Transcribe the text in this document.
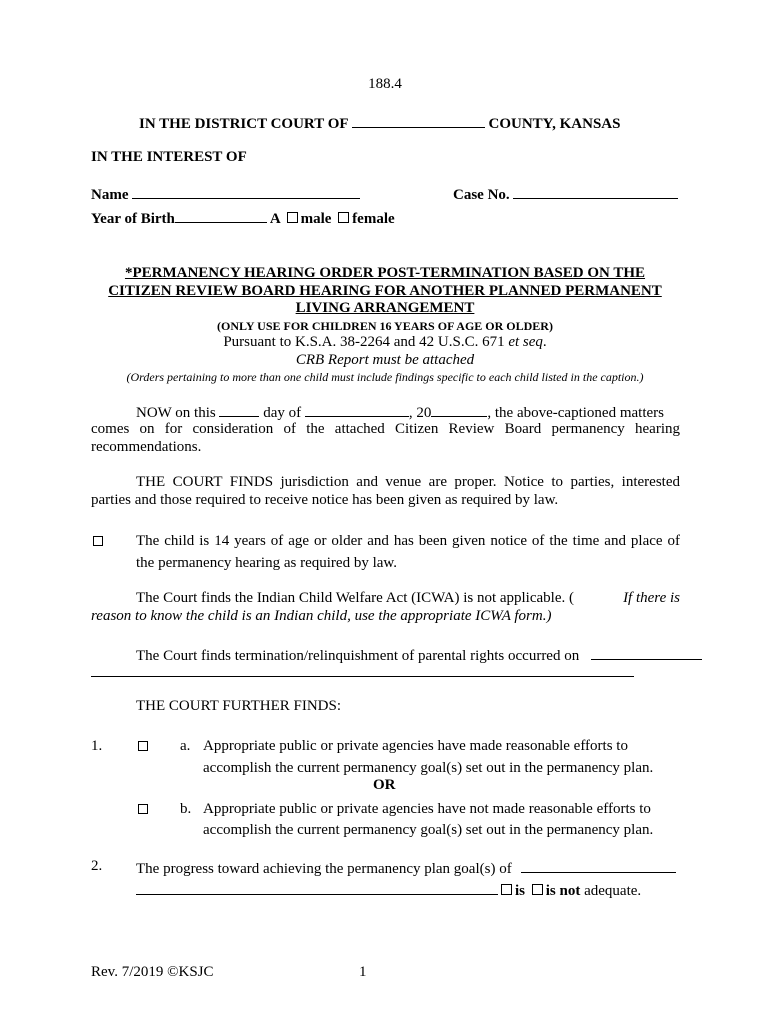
188.4
IN THE DISTRICT COURT OF	COUNTY, KANSAS
IN THE INTEREST OF
Name	Case No.
Year of Birth	A male female
*PERMANENCY HEARING ORDER POST-TERMINATION BASED ON THE
CITIZEN REVIEW BOARD HEARING FOR ANOTHER PLANNED PERMANENT
LIVING ARRANGEMENT
(ONLY USE FOR CHILDREN 16 YEARS OF AGE OR OLDER)
Pursuant to K.S.A. 38-2264 and 42 U.S.C. 671 et seq.
CRB Report must be attached
(Orders pertaining to more than one child must include findings specific to each child listed in the caption.)
NOW on this	day of	, 20	, the above-captioned matters
comes on for consideration of the attached Citizen Review Board permanency hearing
recommendations.
THE COURT FINDS jurisdiction and venue are proper. Notice to parties, interested
parties and those required to receive notice has been given as required by law.
The child is 14 years of age or older and has been given notice of the time and place of
the permanency hearing as required by law.
The Court finds the Indian Child Welfare Act (ICWA) is not applicable. (	If there is
reason to know the child is an Indian child, use the appropriate ICWA form.)
The Court finds termination/relinquishment of parental rights occurred on
THE COURT FURTHER FINDS:
1.	a. Appropriate public or private agencies have made reasonable efforts to
accomplish the current permanency goal(s) set out in the permanency plan.
OR
b. Appropriate public or private agencies have not made reasonable efforts to
accomplish the current permanency goal(s) set out in the permanency plan.
2. The progress toward achieving the permanency plan goal(s) of
is is not adequate.
Rev. 7/2019 ©KSJC	1
